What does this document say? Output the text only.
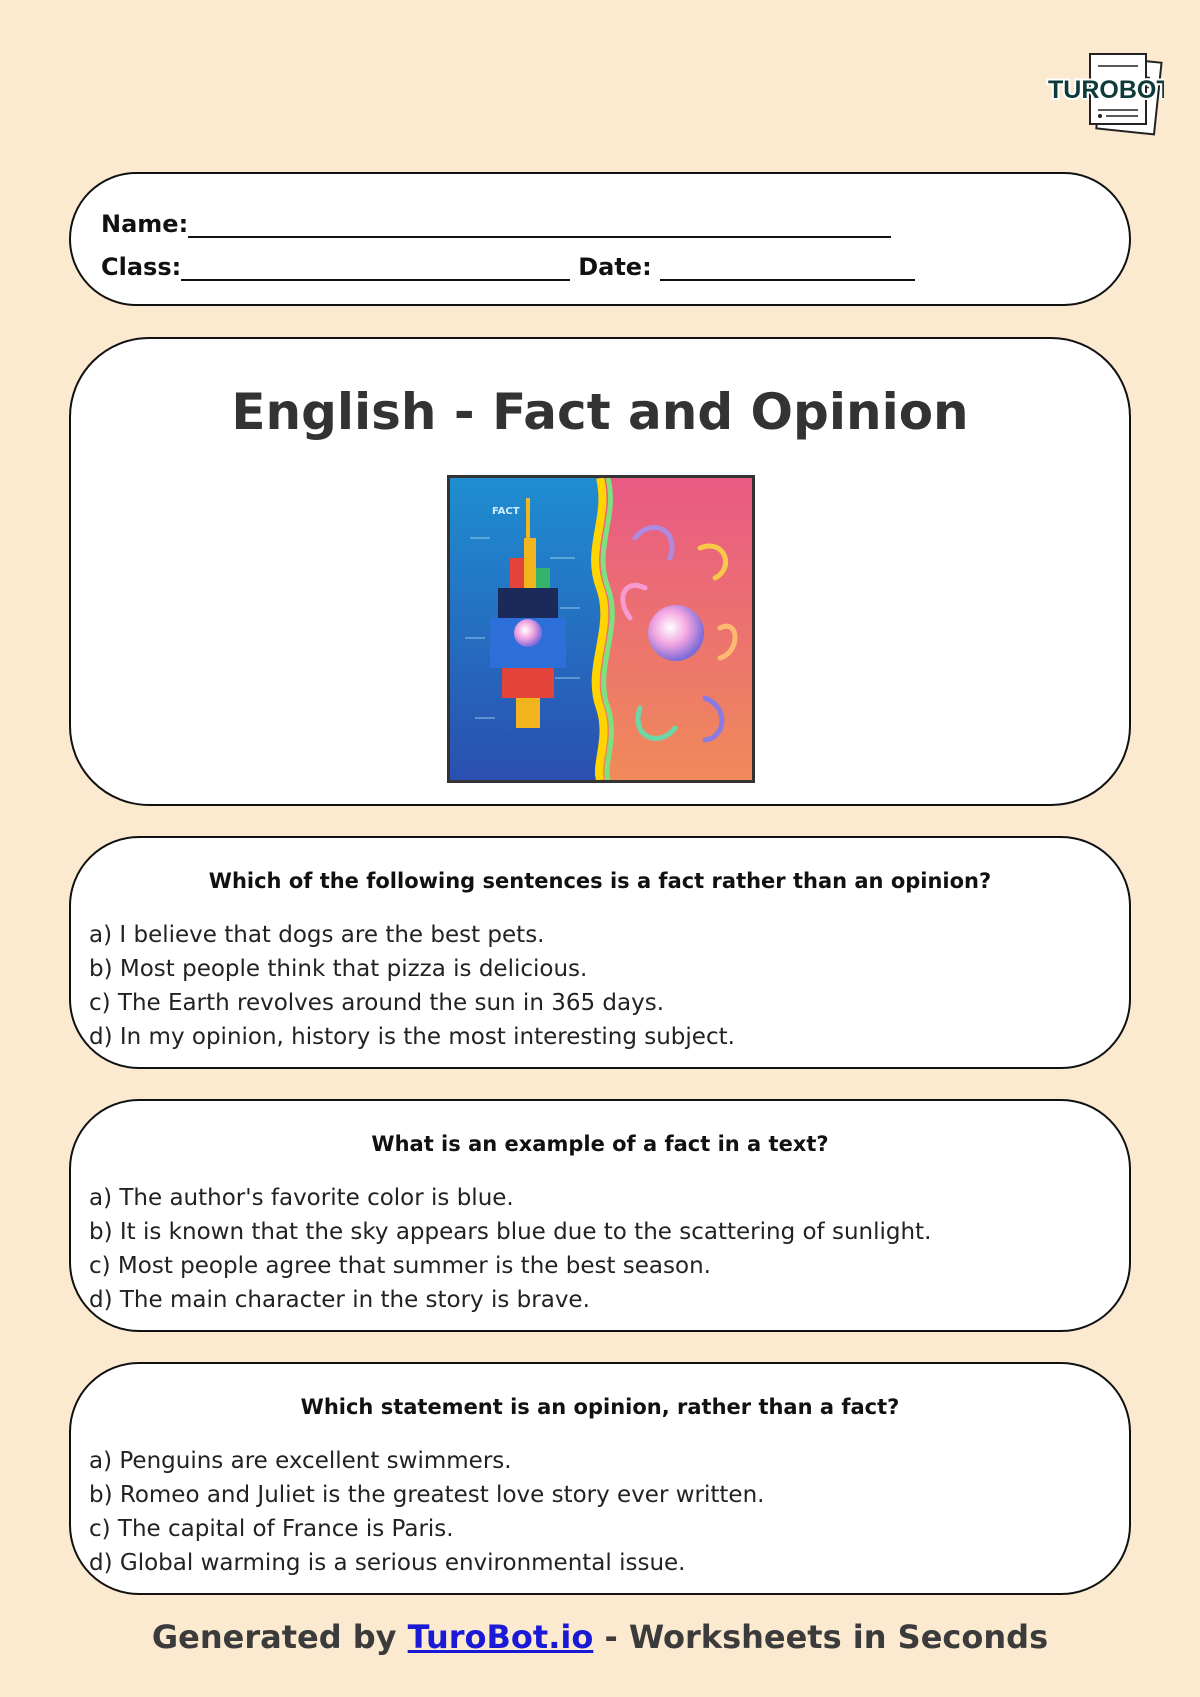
TUROBOT
Name:
Class:	Date:
English - Fact and Opinion
FACT
Which of the following sentences is a fact rather than an opinion?
a) I believe that dogs are the best pets.
b) Most people think that pizza is delicious.
c) The Earth revolves around the sun in 365 days.
d) In my opinion, history is the most interesting subject.
What is an example of a fact in a text?
a) The author's favorite color is blue.
b) It is known that the sky appears blue due to the scattering of sunlight.
c) Most people agree that summer is the best season.
d) The main character in the story is brave.
Which statement is an opinion, rather than a fact?
a) Penguins are excellent swimmers.
b) Romeo and Juliet is the greatest love story ever written.
c) The capital of France is Paris.
d) Global warming is a serious environmental issue.
Generated by TuroBot.io - Worksheets in Seconds
